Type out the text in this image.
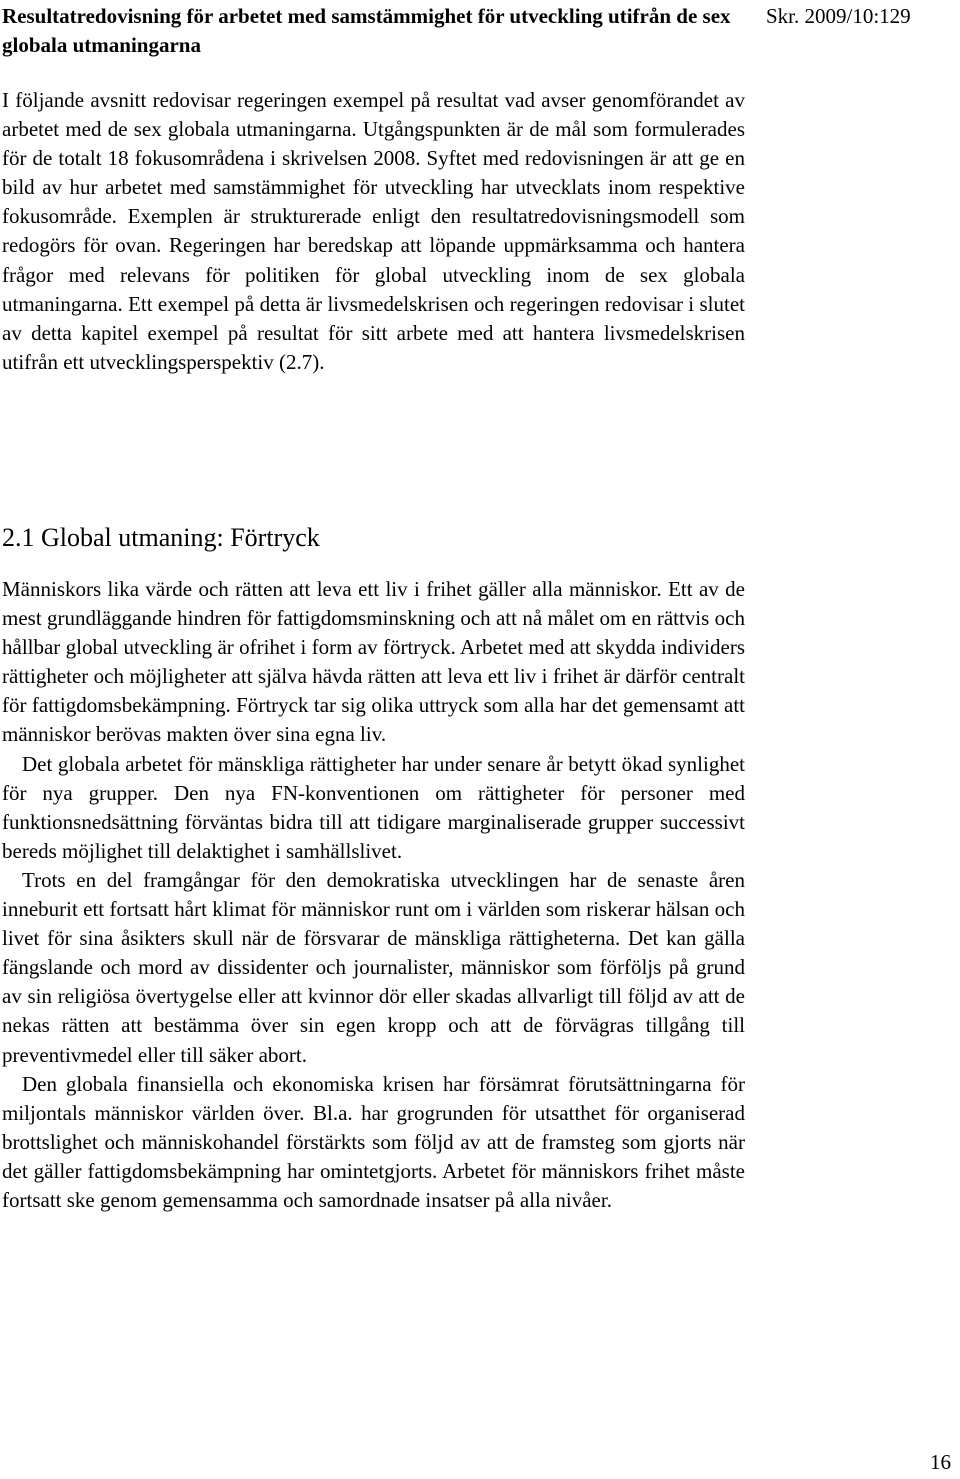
Resultatredovisning för arbetet med samstämmighet för utveckling utifrån de sex globala utmaningarna
Skr. 2009/10:129

I följande avsnitt redovisar regeringen exempel på resultat vad avser genomförandet av arbetet med de sex globala utmaningarna. Utgångspunkten är de mål som formulerades för de totalt 18 fokusområdena i skrivelsen 2008. Syftet med redovisningen är att ge en bild av hur arbetet med samstämmighet för utveckling har utvecklats inom respektive fokusområde. Exemplen är strukturerade enligt den resultatredovisningsmodell som redogörs för ovan. Regeringen har beredskap att löpande uppmärksamma och hantera frågor med relevans för politiken för global utveckling inom de sex globala utmaningarna. Ett exempel på detta är livsmedelskrisen och regeringen redovisar i slutet av detta kapitel exempel på resultat för sitt arbete med att hantera livsmedelskrisen utifrån ett utvecklingsperspektiv (2.7).

2.1 Global utmaning: Förtryck

Människors lika värde och rätten att leva ett liv i frihet gäller alla människor. Ett av de mest grundläggande hindren för fattigdomsminskning och att nå målet om en rättvis och hållbar global utveckling är ofrihet i form av förtryck. Arbetet med att skydda individers rättigheter och möjligheter att själva hävda rätten att leva ett liv i frihet är därför centralt för fattigdomsbekämpning. Förtryck tar sig olika uttryck som alla har det gemensamt att människor berövas makten över sina egna liv.

Det globala arbetet för mänskliga rättigheter har under senare år betytt ökad synlighet för nya grupper. Den nya FN-konventionen om rättigheter för personer med funktionsnedsättning förväntas bidra till att tidigare marginaliserade grupper successivt bereds möjlighet till delaktighet i samhällslivet.

Trots en del framgångar för den demokratiska utvecklingen har de senaste åren inneburit ett fortsatt hårt klimat för människor runt om i världen som riskerar hälsan och livet för sina åsikters skull när de försvarar de mänskliga rättigheterna. Det kan gälla fängslande och mord av dissidenter och journalister, människor som förföljs på grund av sin religiösa övertygelse eller att kvinnor dör eller skadas allvarligt till följd av att de nekas rätten att bestämma över sin egen kropp och att de förvägras tillgång till preventivmedel eller till säker abort.

Den globala finansiella och ekonomiska krisen har försämrat förutsättningarna för miljontals människor världen över. Bl.a. har grogrunden för utsatthet för organiserad brottslighet och människohandel förstärkts som följd av att de framsteg som gjorts när det gäller fattigdomsbekämpning har omintetgjorts. Arbetet för människors frihet måste fortsatt ske genom gemensamma och samordnade insatser på alla nivåer.

16
